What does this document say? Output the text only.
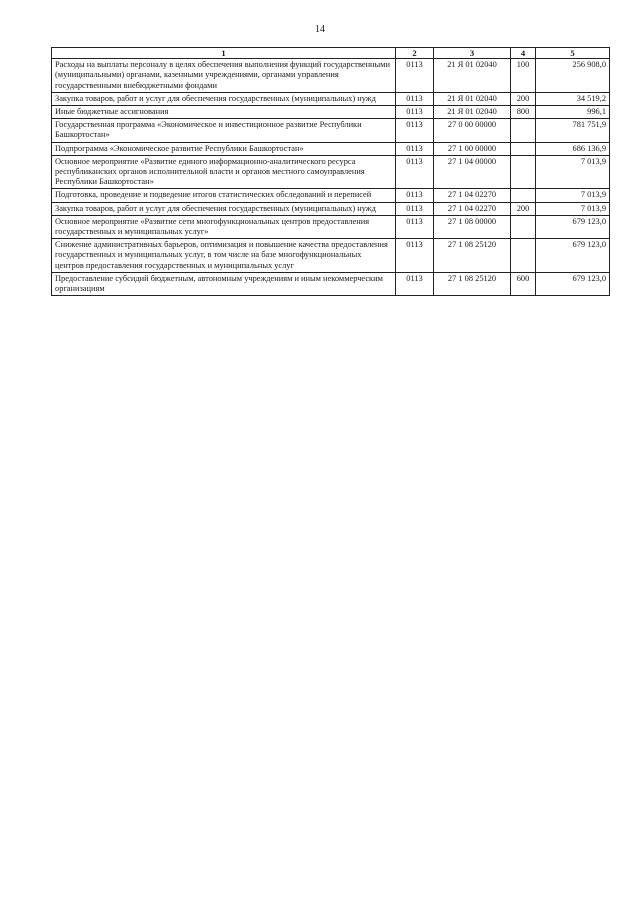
14
1	2	3	4	5
Расходы на выплаты персоналу в целях обеспечения выполнения функций государственными (муниципальными) органами, казенными учреждениями, органами управления государственными внебюджетными фондами	0113	21 Я 01 02040	100	256 908,0
Закупка товаров, работ и услуг для обеспечения государственных (муниципальных) нужд	0113	21 Я 01 02040	200	34 519,2
Иные бюджетные ассигнования	0113	21 Я 01 02040	800	996,1
Государственная программа «Экономическое и инвестиционное развитие Республики Башкортостан»	0113	27 0 00 00000		781 751,9
Подпрограмма «Экономическое развитие Республики Башкортостан»	0113	27 1 00 00000		686 136,9
Основное мероприятие «Развитие единого информационно-аналитического ресурса республиканских органов исполнительной власти и органов местного самоуправления Республики Башкортостан»	0113	27 1 04 00000		7 013,9
Подготовка, проведение и подведение итогов статистических обследований и переписей	0113	27 1 04 02270		7 013,9
Закупка товаров, работ и услуг для обеспечения государственных (муниципальных) нужд	0113	27 1 04 02270	200	7 013,9
Основное мероприятие «Развитие сети многофункциональных центров предоставления государственных и муниципальных услуг»	0113	27 1 08 00000		679 123,0
Снижение административных барьеров, оптимизация и повышение качества предоставления государственных и муниципальных услуг, в том числе на базе многофункциональных центров предоставления государственных и муниципальных услуг	0113	27 1 08 25120		679 123,0
Предоставление субсидий бюджетным, автономным учреждениям и иным некоммерческим организациям	0113	27 1 08 25120	600	679 123,0
